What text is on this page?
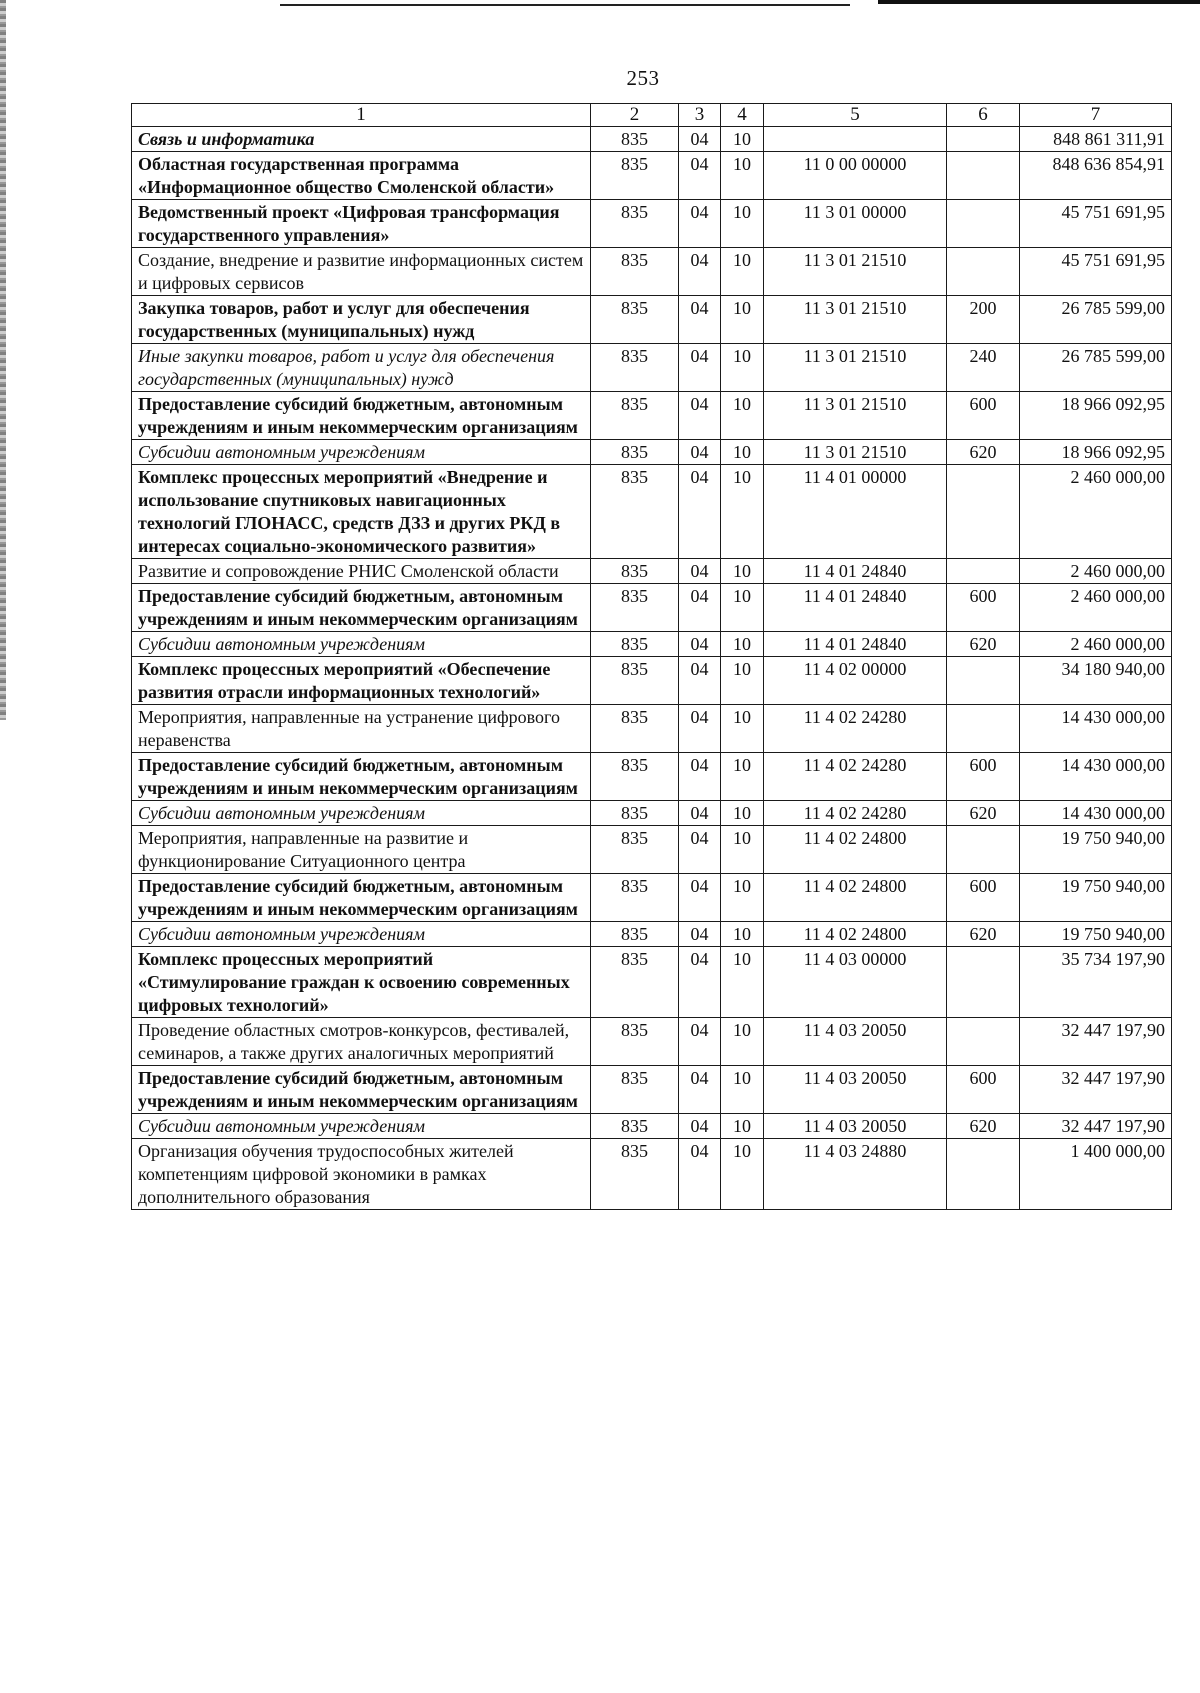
253
1	2	3	4	5	6	7
Связь и информатика	835	04	10			848 861 311,91
Областная государственная программа «Информационное общество Смоленской области»	835	04	10	11 0 00 00000		848 636 854,91
Ведомственный проект «Цифровая трансформация государственного управления»	835	04	10	11 3 01 00000		45 751 691,95
Создание, внедрение и развитие информационных систем и цифровых сервисов	835	04	10	11 3 01 21510		45 751 691,95
Закупка товаров, работ и услуг для обеспечения государственных (муниципальных) нужд	835	04	10	11 3 01 21510	200	26 785 599,00
Иные закупки товаров, работ и услуг для обеспечения государственных (муниципальных) нужд	835	04	10	11 3 01 21510	240	26 785 599,00
Предоставление субсидий бюджетным, автономным учреждениям и иным некоммерческим организациям	835	04	10	11 3 01 21510	600	18 966 092,95
Субсидии автономным учреждениям	835	04	10	11 3 01 21510	620	18 966 092,95
Комплекс процессных мероприятий «Внедрение и использование спутниковых навигационных технологий ГЛОНАСС, средств ДЗЗ и других РКД в интересах социально-экономического развития»	835	04	10	11 4 01 00000		2 460 000,00
Развитие и сопровождение РНИС Смоленской области	835	04	10	11 4 01 24840		2 460 000,00
Предоставление субсидий бюджетным, автономным учреждениям и иным некоммерческим организациям	835	04	10	11 4 01 24840	600	2 460 000,00
Субсидии автономным учреждениям	835	04	10	11 4 01 24840	620	2 460 000,00
Комплекс процессных мероприятий «Обеспечение развития отрасли информационных технологий»	835	04	10	11 4 02 00000		34 180 940,00
Мероприятия, направленные на устранение цифрового неравенства	835	04	10	11 4 02 24280		14 430 000,00
Предоставление субсидий бюджетным, автономным учреждениям и иным некоммерческим организациям	835	04	10	11 4 02 24280	600	14 430 000,00
Субсидии автономным учреждениям	835	04	10	11 4 02 24280	620	14 430 000,00
Мероприятия, направленные на развитие и функционирование Ситуационного центра	835	04	10	11 4 02 24800		19 750 940,00
Предоставление субсидий бюджетным, автономным учреждениям и иным некоммерческим организациям	835	04	10	11 4 02 24800	600	19 750 940,00
Субсидии автономным учреждениям	835	04	10	11 4 02 24800	620	19 750 940,00
Комплекс процессных мероприятий «Стимулирование граждан к освоению современных цифровых технологий»	835	04	10	11 4 03 00000		35 734 197,90
Проведение областных смотров-конкурсов, фестивалей, семинаров, а также других аналогичных мероприятий	835	04	10	11 4 03 20050		32 447 197,90
Предоставление субсидий бюджетным, автономным учреждениям и иным некоммерческим организациям	835	04	10	11 4 03 20050	600	32 447 197,90
Субсидии автономным учреждениям	835	04	10	11 4 03 20050	620	32 447 197,90
Организация обучения трудоспособных жителей компетенциям цифровой экономики в рамках дополнительного образования	835	04	10	11 4 03 24880		1 400 000,00
